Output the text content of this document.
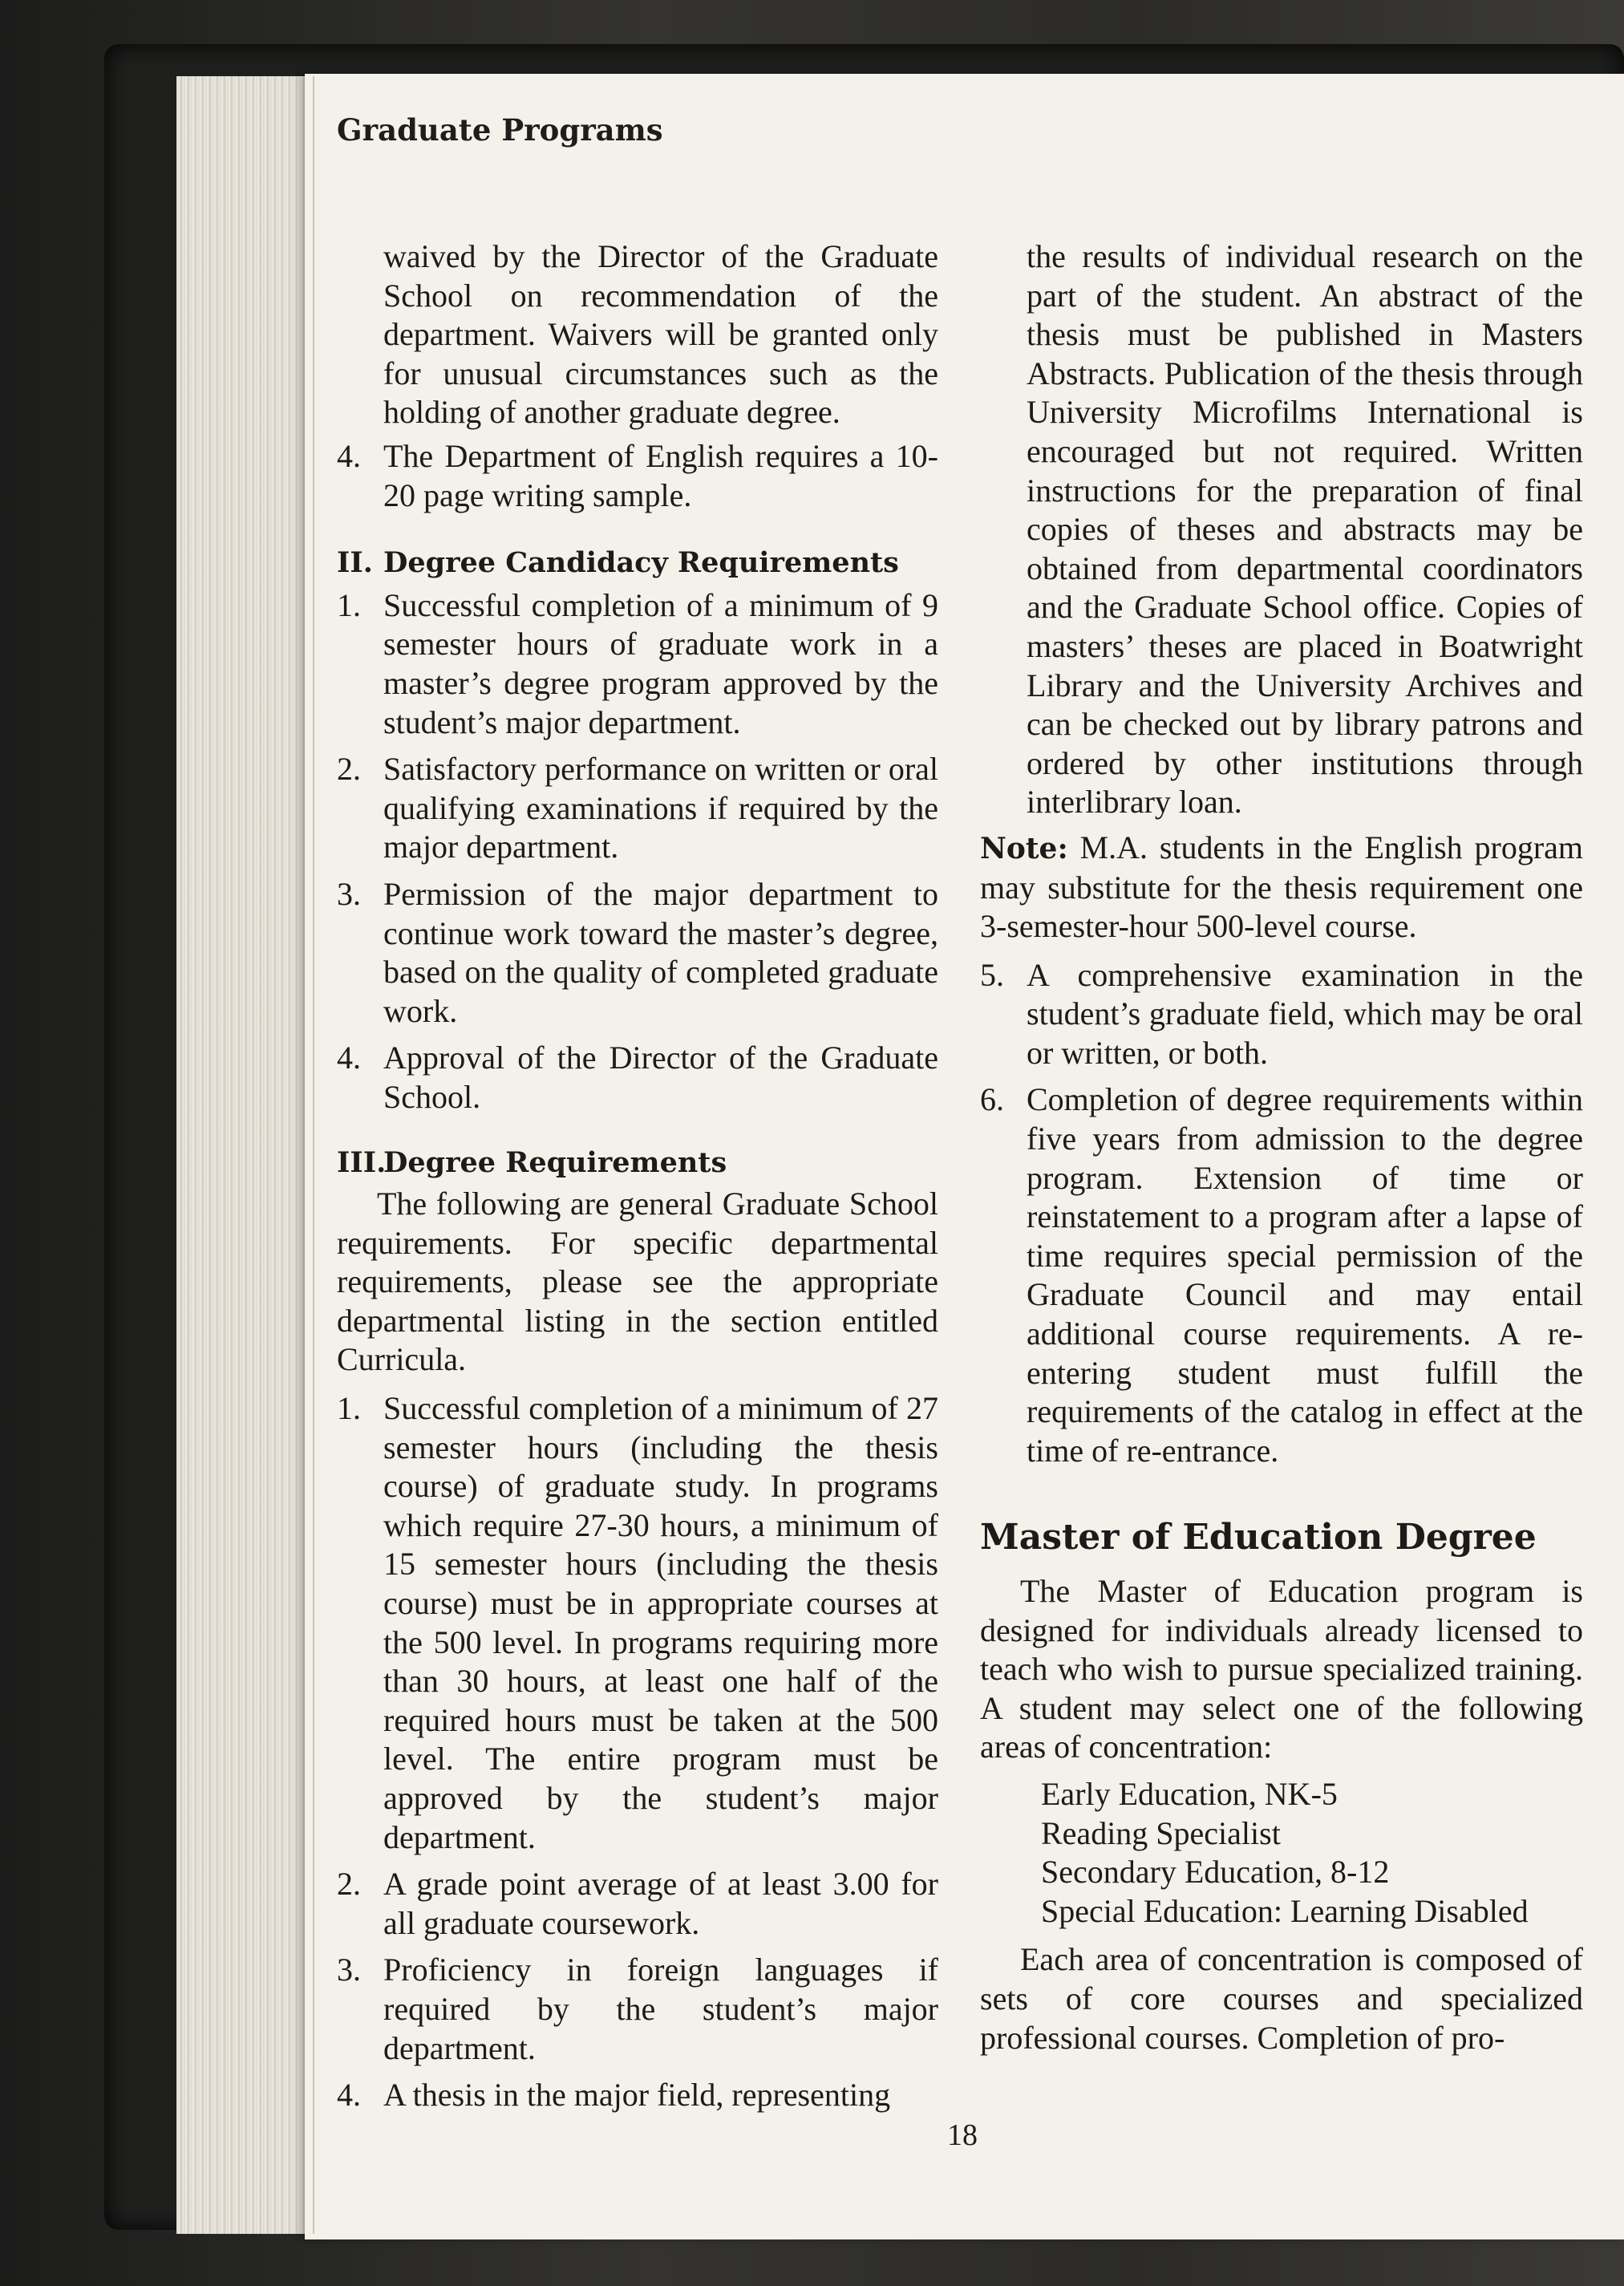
Graduate Programs

waived by the Director of the Graduate School on recommendation of the department. Waivers will be granted only for unusual circumstances such as the holding of another graduate degree.

4. The Department of English requires a 10-20 page writing sample.
II. Degree Candidacy Requirements
1. Successful completion of a minimum of 9 semester hours of graduate work in a master’s degree program approved by the student’s major department.
2. Satisfactory performance on written or oral qualifying examinations if required by the major department.
3. Permission of the major department to continue work toward the master’s degree, based on the quality of completed graduate work.
4. Approval of the Director of the Graduate School.
III.Degree Requirements

The following are general Graduate School requirements. For specific departmental requirements, please see the appropriate departmental listing in the section entitled Curricula.

1. Successful completion of a minimum of 27 semester hours (including the thesis course) of graduate study. In programs which require 27-30 hours, a minimum of 15 semester hours (including the thesis course) must be in appropriate courses at the 500 level. In programs requiring more than 30 hours, at least one half of the required hours must be taken at the 500 level. The entire program must be approved by the student’s major department.
2. A grade point average of at least 3.00 for all graduate coursework.
3. Proficiency in foreign languages if required by the student’s major department.
4. A thesis in the major field, representing

the results of individual research on the part of the student. An abstract of the thesis must be published in Masters Abstracts. Publication of the thesis through University Microfilms International is encouraged but not required. Written instructions for the preparation of final copies of theses and abstracts may be obtained from departmental coordinators and the Graduate School office. Copies of masters’ theses are placed in Boatwright Library and the University Archives and can be checked out by library patrons and ordered by other institutions through interlibrary loan.

Note: M.A. students in the English program may substitute for the thesis requirement one 3-semester-hour 500-level course.

5. A comprehensive examination in the student’s graduate field, which may be oral or written, or both.
6. Completion of degree requirements within five years from admission to the degree program. Extension of time or reinstatement to a program after a lapse of time requires special permission of the Graduate Council and may entail additional course requirements. A re-entering student must fulfill the requirements of the catalog in effect at the time of re-entrance.
Master of Education Degree

The Master of Education program is designed for individuals already licensed to teach who wish to pursue specialized training. A student may select one of the following areas of concentration:

Early Education, NK-5
Reading Specialist
Secondary Education, 8-12
Special Education: Learning Disabled

Each area of concentration is composed of sets of core courses and specialized professional courses. Completion of pro-

18
